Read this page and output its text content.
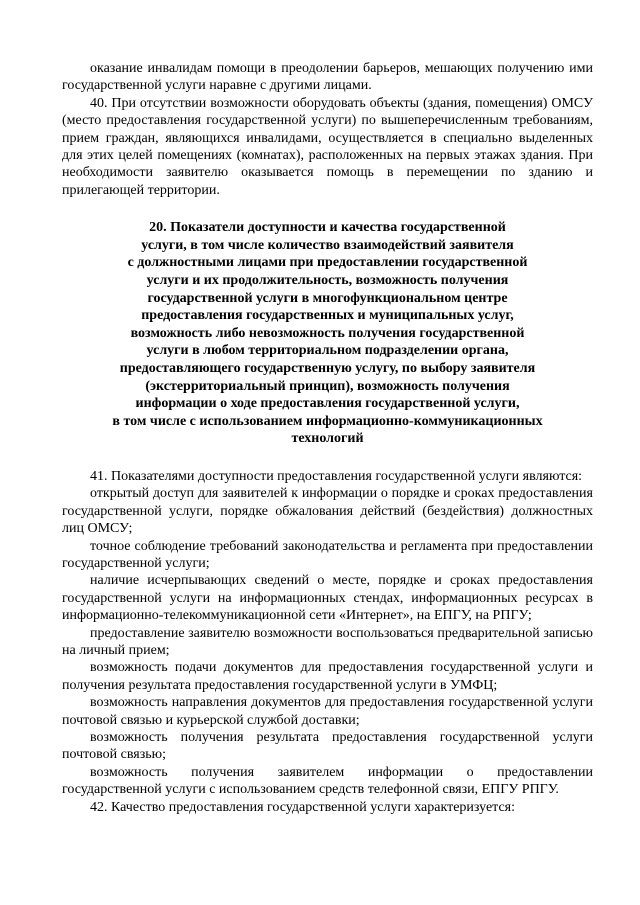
оказание инвалидам помощи в преодолении барьеров, мешающих получению ими государственной услуги наравне с другими лицами.

40. При отсутствии возможности оборудовать объекты (здания, помещения) ОМСУ (место предоставления государственной услуги) по вышеперечисленным требованиям, прием граждан, являющихся инвалидами, осуществляется в специально выделенных для этих целей помещениях (комнатах), расположенных на первых этажах здания. При необходимости заявителю оказывается помощь в перемещении по зданию и прилегающей территории.

20. Показатели доступности и качества государственной
услуги, в том числе количество взаимодействий заявителя
с должностными лицами при предоставлении государственной
услуги и их продолжительность, возможность получения
государственной услуги в многофункциональном центре
предоставления государственных и муниципальных услуг,
возможность либо невозможность получения государственной
услуги в любом территориальном подразделении органа,
предоставляющего государственную услугу, по выбору заявителя
(экстерриториальный принцип), возможность получения
информации о ходе предоставления государственной услуги,
в том числе с использованием информационно-коммуникационных
технологий

41. Показателями доступности предоставления государственной услуги являются:

открытый доступ для заявителей к информации о порядке и сроках предоставления государственной услуги, порядке обжалования действий (бездействия) должностных лиц ОМСУ;

точное соблюдение требований законодательства и регламента при предоставлении государственной услуги;

наличие исчерпывающих сведений о месте, порядке и сроках предоставления государственной услуги на информационных стендах, информационных ресурсах в информационно-телекоммуникационной сети «Интернет», на ЕПГУ, на РПГУ;

предоставление заявителю возможности воспользоваться предварительной записью на личный прием;

возможность подачи документов для предоставления государственной услуги и получения результата предоставления государственной услуги в УМФЦ;

возможность направления документов для предоставления государственной услуги почтовой связью и курьерской службой доставки;

возможность получения результата предоставления государственной услуги почтовой связью;

возможность получения заявителем информации о предоставлении государственной услуги с использованием средств телефонной связи, ЕПГУ РПГУ.

42. Качество предоставления государственной услуги характеризуется:
